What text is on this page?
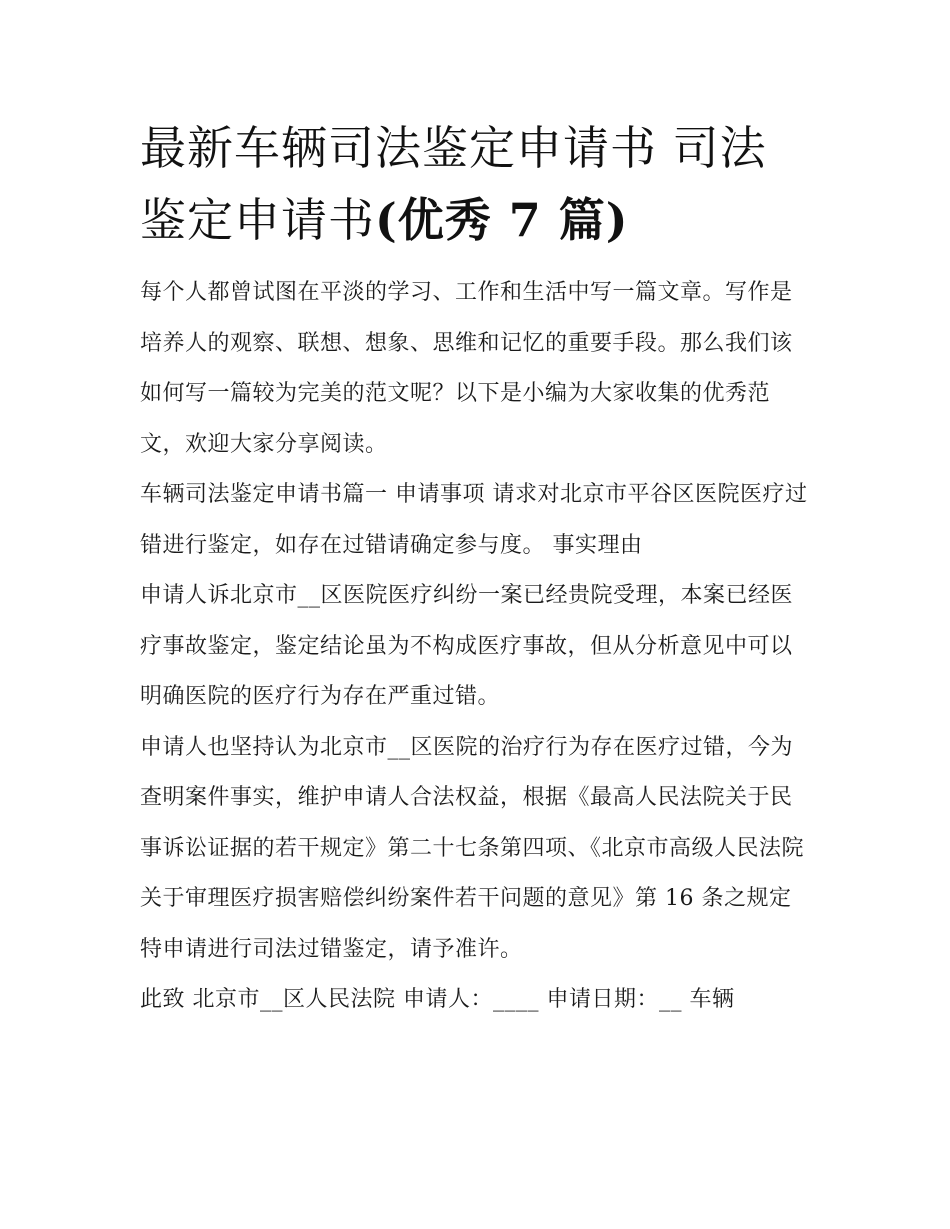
最新车辆司法鉴定申请书 司法鉴定申请书(优秀 7 篇)

每个人都曾试图在平淡的学习、工作和生活中写一篇文章。写作是培养人的观察、联想、想象、思维和记忆的重要手段。那么我们该如何写一篇较为完美的范文呢？以下是小编为大家收集的优秀范文，欢迎大家分享阅读。

车辆司法鉴定申请书篇一 申请事项 请求对北京市平谷区医院医疗过错进行鉴定，如存在过错请确定参与度。 事实理由

申请人诉北京市__区医院医疗纠纷一案已经贵院受理，本案已经医疗事故鉴定，鉴定结论虽为不构成医疗事故，但从分析意见中可以明确医院的医疗行为存在严重过错。

申请人也坚持认为北京市__区医院的治疗行为存在医疗过错，今为查明案件事实，维护申请人合法权益，根据《最高人民法院关于民事诉讼证据的若干规定》第二十七条第四项、《北京市高级人民法院关于审理医疗损害赔偿纠纷案件若干问题的意见》第 16 条之规定特申请进行司法过错鉴定，请予准许。

此致 北京市__区人民法院 申请人：____ 申请日期：__ 车辆
